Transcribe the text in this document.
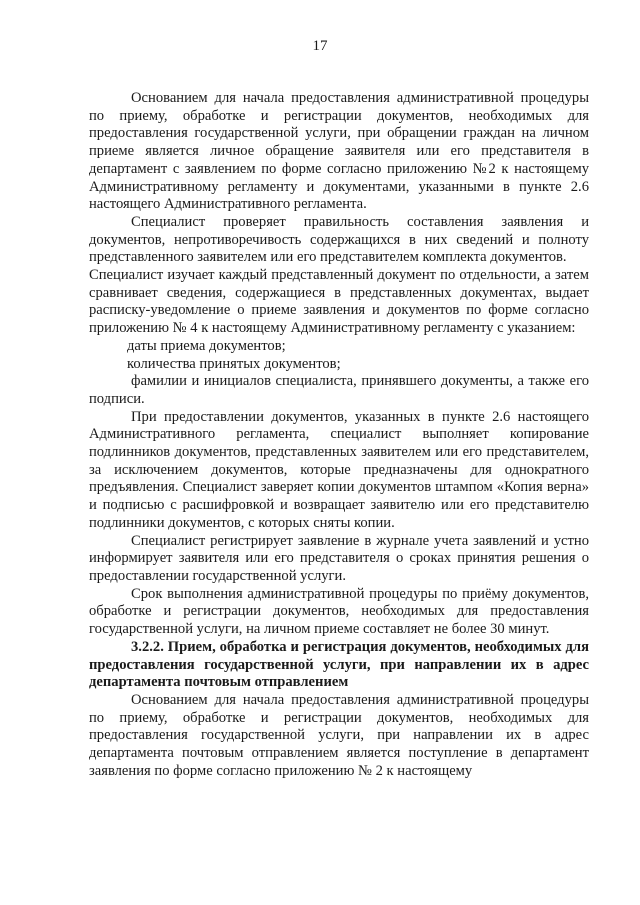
17

Основанием для начала предоставления административной процедуры по приему, обработке и регистрации документов, необходимых для предоставления государственной услуги, при обращении граждан на личном приеме является личное обращение заявителя или его представителя в департамент с заявлением по форме согласно приложению №2 к настоящему Административному регламенту и документами, указанными в пункте 2.6 настоящего Административного регламента.

Специалист проверяет правильность составления заявления и документов, непротиворечивость содержащихся в них сведений и полноту представленного заявителем или его представителем комплекта документов.

Специалист изучает каждый представленный документ по отдельности, а затем сравнивает сведения, содержащиеся в представленных документах, выдает расписку-уведомление о приеме заявления и документов по форме согласно приложению № 4 к настоящему Административному регламенту с указанием:

даты приема документов;

количества принятых документов;

фамилии и инициалов специалиста, принявшего документы, а также его подписи.

При предоставлении документов, указанных в пункте 2.6 настоящего Административного регламента, специалист выполняет копирование подлинников документов, представленных заявителем или его представителем, за исключением документов, которые предназначены для однократного предъявления. Специалист заверяет копии документов штампом «Копия верна» и подписью с расшифровкой и возвращает заявителю или его представителю подлинники документов, с которых сняты копии.

Специалист регистрирует заявление в журнале учета заявлений и устно информирует заявителя или его представителя о сроках принятия решения о предоставлении государственной услуги.

Срок выполнения административной процедуры по приёму документов, обработке и регистрации документов, необходимых для предоставления государственной услуги, на личном приеме составляет не более 30 минут.

3.2.2. Прием, обработка и регистрация документов, необходимых для предоставления государственной услуги, при направлении их в адрес департамента почтовым отправлением

Основанием для начала предоставления административной процедуры по приему, обработке и регистрации документов, необходимых для предоставления государственной услуги, при направлении их в адрес департамента почтовым отправлением является поступление в департамент заявления по форме согласно приложению № 2 к настоящему
